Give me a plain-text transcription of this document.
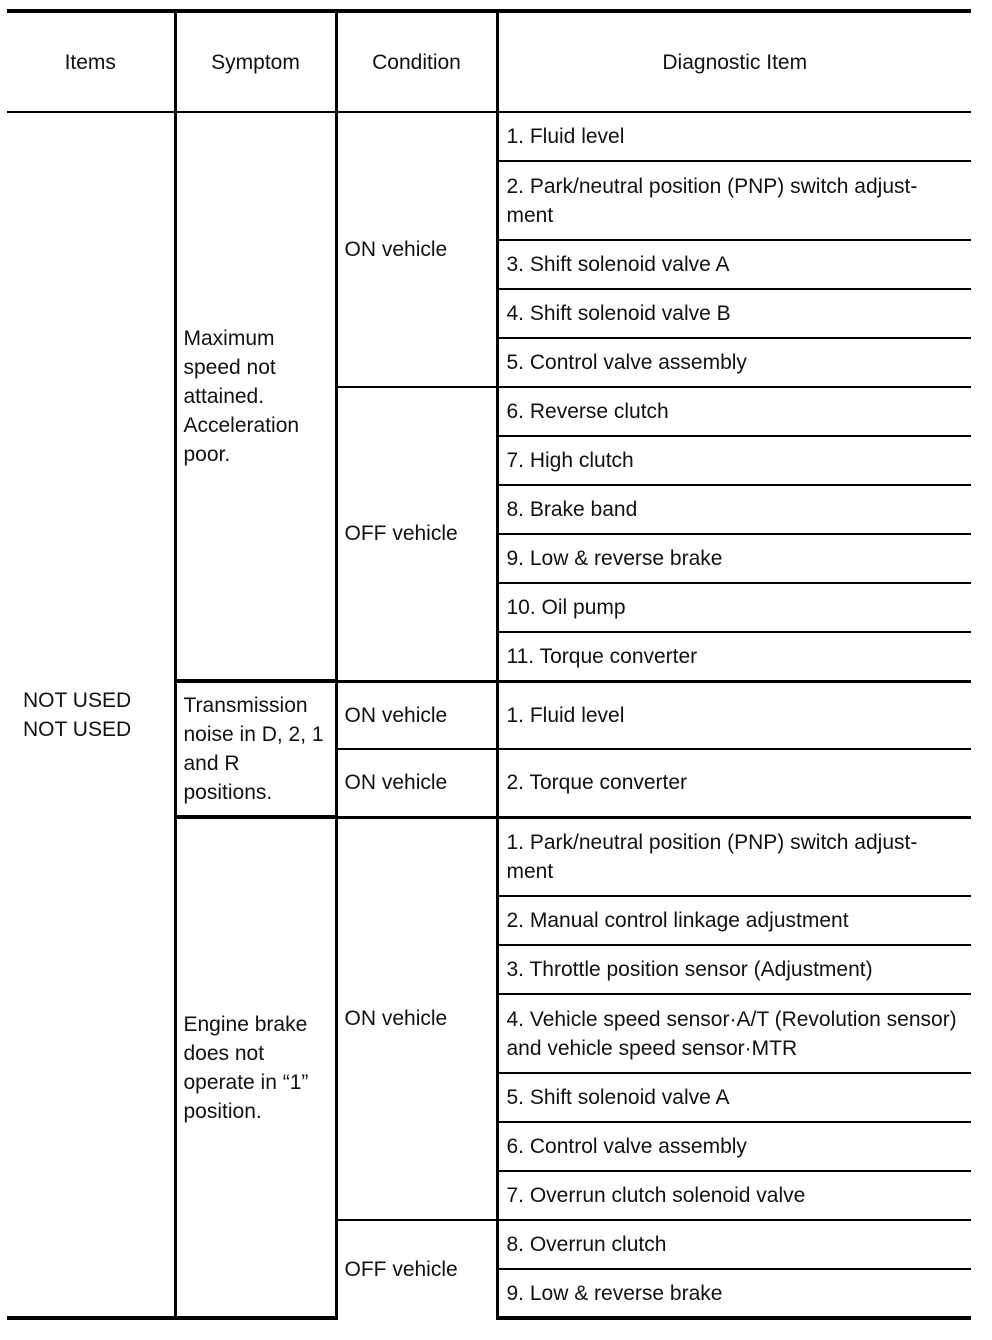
Items	Symptom	Condition	Diagnostic Item

NOT USED
NOT USED	Maximum speed not attained. Acceleration poor.	ON vehicle	1. Fluid level
			2. Park/neutral position (PNP) switch adjust-ment
			3. Shift solenoid valve A
			4. Shift solenoid valve B
			5. Control valve assembly
		OFF vehicle	6. Reverse clutch
			7. High clutch
			8. Brake band
			9. Low & reverse brake
			10. Oil pump
			11. Torque converter
	Transmission noise in D, 2, 1 and R positions.	ON vehicle	1. Fluid level
		ON vehicle	2. Torque converter
	Engine brake does not operate in “1” position.	ON vehicle	1. Park/neutral position (PNP) switch adjust-ment
			2. Manual control linkage adjustment
			3. Throttle position sensor (Adjustment)
			4. Vehicle speed sensor·A/T (Revolution sensor) and vehicle speed sensor·MTR
			5. Shift solenoid valve A
			6. Control valve assembly
			7. Overrun clutch solenoid valve
		OFF vehicle	8. Overrun clutch
			9. Low & reverse brake
